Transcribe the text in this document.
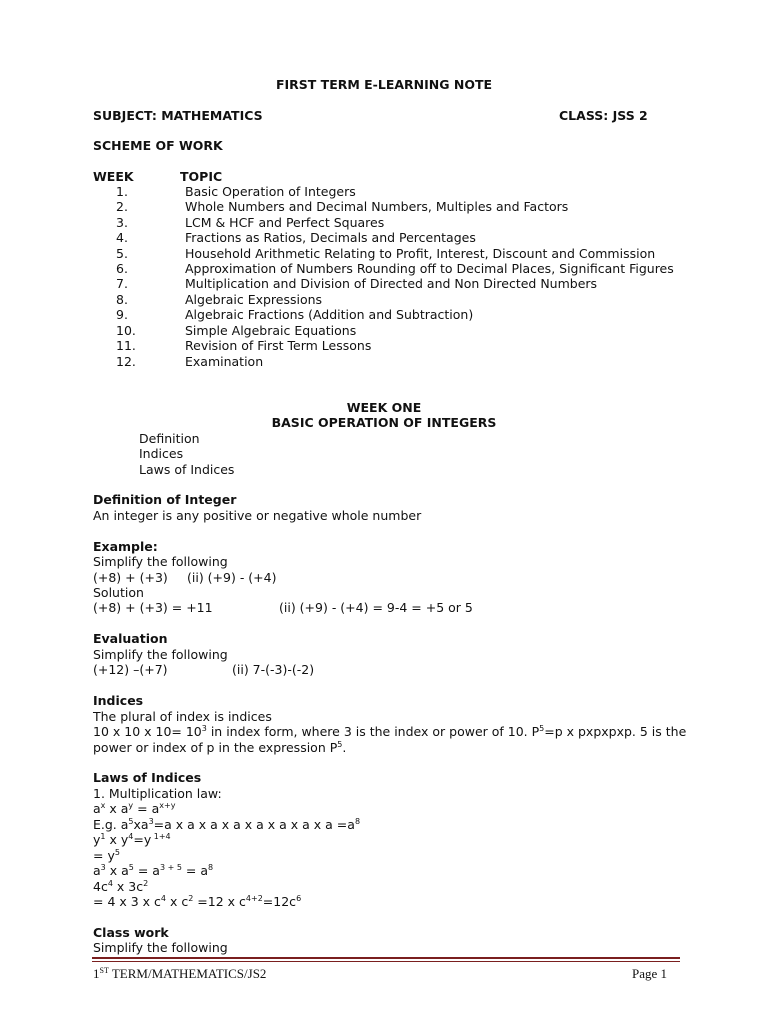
FIRST TERM E-LEARNING NOTE
SUBJECT: MATHEMATICS	CLASS: JSS 2
SCHEME OF WORK
WEEK	TOPIC
1.	Basic Operation of Integers
2.	Whole Numbers and Decimal Numbers, Multiples and Factors
3.	LCM & HCF and Perfect Squares
4.	Fractions as Ratios, Decimals and Percentages
5.	Household Arithmetic Relating to Profit, Interest, Discount and Commission
6.	Approximation of Numbers Rounding off to Decimal Places, Significant Figures
7.	Multiplication and Division of Directed and Non Directed Numbers
8.	Algebraic Expressions
9.	Algebraic Fractions (Addition and Subtraction)
10.	Simple Algebraic Equations
11.	Revision of First Term Lessons
12.	Examination
WEEK ONE
BASIC OPERATION OF INTEGERS
Definition
Indices
Laws of Indices
Definition of Integer
An integer is any positive or negative whole number
Example:
Simplify the following
(+8) + (+3) (ii) (+9) - (+4)
Solution
(+8) + (+3) = +11	(ii) (+9) - (+4) = 9-4 = +5 or 5
Evaluation
Simplify the following
(+12) –(+7)	(ii) 7-(-3)-(-2)
Indices
The plural of index is indices
10 x 10 x $10= 10^3$ in index form, where 3 is the index or power of 10. $P^5=p$ x pxpxpxp. 5 is the
power or index of p in the expression $P^5$.
Laws of Indices
1. Multiplication law:
$a^x$ x $a^y = a^{x+y}$
E.g. $a^5xa^3=a$ x a x a x a x a x a x a x $a =a^8$
$y^1$ x $y^4=y$ $^{1+4}$
= $y^5$
$a^3$ x $a^5 = a^{3 + 5} = a^8$
$4c^4$ x $3c^2$
= 4 x 3 x $c^4$ x $c^2 =12$ x $c^{4+2}=12c^6$
Class work
Simplify the following
1ST TERM/MATHEMATICS/JS2	Page 1
